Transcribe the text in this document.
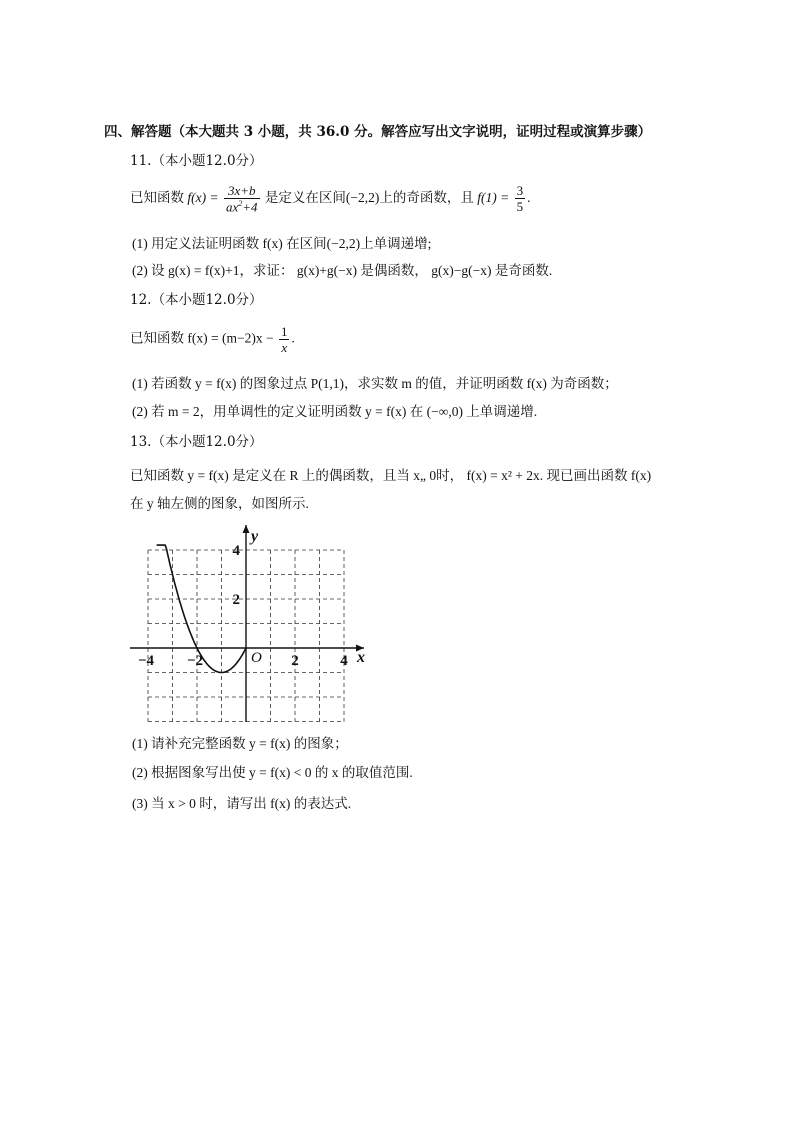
四、解答题（本大题共 3 小题，共 36.0 分。解答应写出文字说明，证明过程或演算步骤）
11.（本小题12.0分）
已知函数 $f(x) = \frac{3x+b}{ax^2+4}$ 是定义在区间(−2,2)上的奇函数，且 $f(1) = \frac{3}{5}$ .
(1) 用定义法证明函数 f(x) 在区间(−2,2)上单调递增;
(2) 设 g(x) = f(x)+1，求证： g(x)+g(−x) 是偶函数， g(x)−g(−x) 是奇函数.
12.（本小题12.0分）
已知函数 $f(x) = (m-2)x - \frac{1}{x}$ .
(1) 若函数 y = f(x) 的图象过点 P(1,1)，求实数 m 的值，并证明函数 f(x) 为奇函数；
(2) 若 m = 2，用单调性的定义证明函数 y = f(x) 在 (−∞,0) 上单调递增.
13.（本小题12.0分）
已知函数 y = f(x) 是定义在 R 上的偶函数，且当 x„ 0时， f(x) = x² + 2x. 现已画出函数 f(x)
在 y 轴左侧的图象，如图所示.
−4 −2	2	4
2
4
O	x
y
(1) 请补充完整函数 y = f(x) 的图象；
(2) 根据图象写出使 y = f(x) < 0 的 x 的取值范围.
(3) 当 x > 0 时，请写出 f(x) 的表达式.
